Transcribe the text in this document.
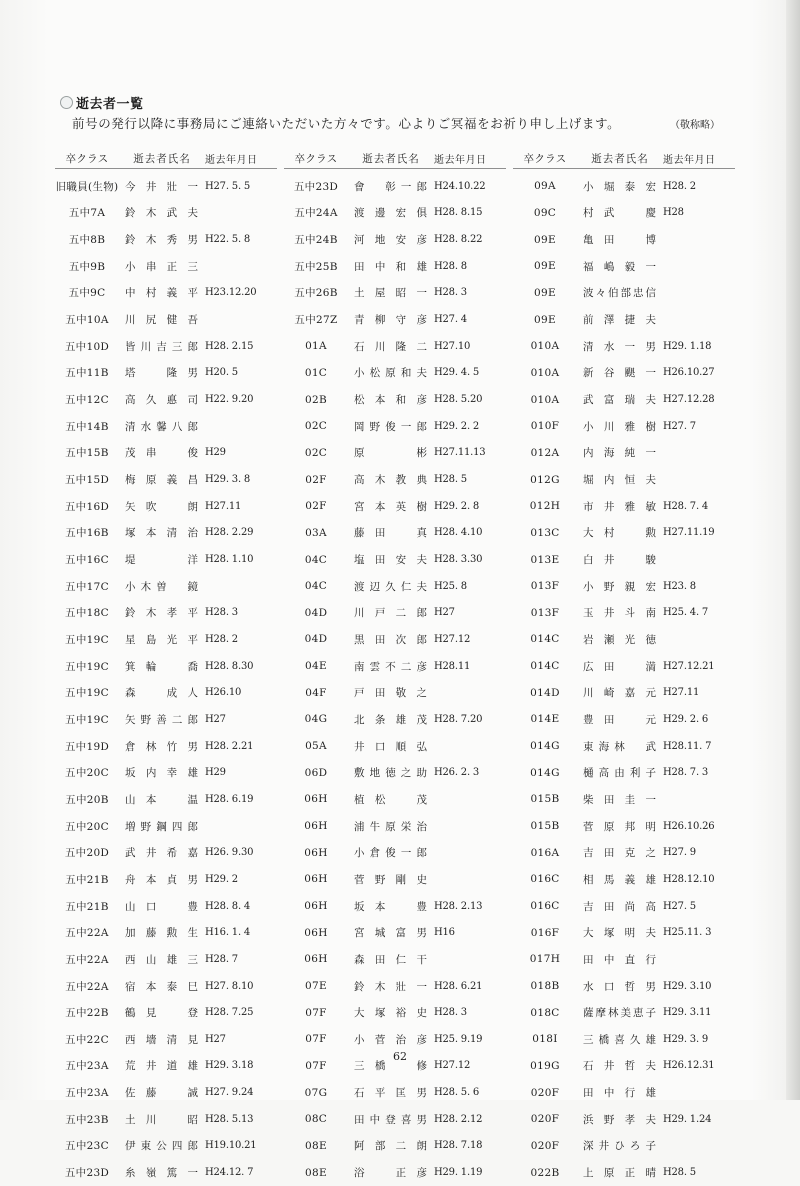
逝去者一覧
前号の発行以降に事務局にご連絡いただいた方々です。心よりご冥福をお祈り申し上げます。	（敬称略）
卒クラス	逝去者氏名	逝去年月日
旧職員(生物) 今井壯一 H27. 5. 5
五中7A	鈴木武夫
五中8B	鈴木秀男 H22. 5. 8
五中9B	小串正三
五中9C	中村義平 H23.12.20
五中10A	川尻健吾
五中10D	皆川吉三郎 H28. 2.15
五中11B	塔　隆男 H20. 5
五中12C	高久悳司 H22. 9.20
五中14B	清水馨八郎
五中15B	茂串　俊 H29
五中15D	梅原義昌 H29. 3. 8
五中16D	矢吹　朗 H27.11
五中16B	塚本清治 H28. 2.29
五中16C	堤　　洋 H28. 1.10
五中17C	小木曽　鏡
五中18C	鈴木孝平 H28. 3
五中19C	星島光平 H28. 2
五中19C	箕輪　喬 H28. 8.30
五中19C	森　成人 H26.10
五中19C	矢野善二郎 H27
五中19D	倉林竹男 H28. 2.21
五中20C	坂内幸雄 H29
五中20B	山本　温 H28. 6.19
五中20C	増野鋼四郎
五中20D	武井希嘉 H26. 9.30
五中21B	舟本貞男 H29. 2
五中21B	山口　豊 H28. 8. 4
五中22A	加藤勲生 H16. 1. 4
五中22A	西山雄三 H28. 7
五中22A	宿本泰巳 H27. 8.10
五中22B	鶴見　登 H28. 7.25
五中22C	西墻清見 H27
五中23A	荒井道雄 H29. 3.18
五中23A	佐藤　誠 H27. 9.24
五中23B	土川　昭 H28. 5.13
五中23C	伊東公四郎 H19.10.21
五中23D	糸嶺篤一 H24.12. 7
卒クラス	逝去者氏名	逝去年月日
五中23D	會　彰一郎 H24.10.22
五中24A	渡邊宏俱 H28. 8.15
五中24B	河地安彦 H28. 8.22
五中25B	田中和雄 H28. 8
五中26B	土屋昭一 H28. 3
五中27Z	青柳守彦 H27. 4
01A	石川隆二 H27.10
01C	小松原和夫 H29. 4. 5
02B	松本和彦 H28. 5.20
02C	岡野俊一郎 H29. 2. 2
02C	原　彬 H27.11.13
02F	高木教典 H28. 5
02F	宮本英樹 H29. 2. 8
03A	藤田　真 H28. 4.10
04C	塩田安夫 H28. 3.30
04C	渡辺久仁夫 H25. 8
04D	川戸二郎 H27
04D	黒田次郎 H27.12
04E	南雲不二彦 H28.11
04F	戸田敬之
04G	北条雄茂 H28. 7.20
05A	井口順弘
06D	敷地徳之助 H26. 2. 3
06H	植松　茂
06H	浦牛原栄治
06H	小倉俊一郎
06H	菅野剛史
06H	坂本　豊 H28. 2.13
06H	宮城富男 H16
06H	森田仁干
07E	鈴木壯一 H28. 6.21
07F	大塚裕史 H28. 3
07F	小菅治彦 H25. 9.19
07F	三橋　修 H27.12
07G	石平匡男 H28. 5. 6
08C	田中登喜男 H28. 2.12
08E	阿部二朗 H28. 7.18
08E	浴　正彦 H29. 1.19
卒クラス	逝去者氏名	逝去年月日
09A	小堀泰宏 H28. 2
09C	村武　慶 H28
09E	亀田　博
09E	福嶋毅一
09E	波々伯部忠信
09E	前澤捷夫
010A	清水一男 H29. 1.18
010A	新谷颶一 H26.10.27
010A	武富瑞夫 H27.12.28
010F	小川雅樹 H27. 7
012A	内海純一
012G	堀内恒夫
012H	市井雅敏 H28. 7. 4
013C	大村　勲 H27.11.19
013E	白井　駿
013F	小野親宏 H23. 8
013F	玉井斗南 H25. 4. 7
014C	岩瀬光徳
014C	広田　満 H27.12.21
014D	川崎嘉元 H27.11
014E	豊田　元 H29. 2. 6
014G	東海林　武 H28.11. 7
014G	樋高由利子 H28. 7. 3
015B	柴田圭一
015B	菅原邦明 H26.10.26
016A	吉田克之 H27. 9
016C	相馬義雄 H28.12.10
016C	吉田尚高 H27. 5
016F	大塚明夫 H25.11. 3
017H	田中直行
018B	水口哲男 H29. 3.10
018C	薩摩林美恵子 H29. 3.11
018I	三橋喜久雄 H29. 3. 9
019G	石井哲夫 H26.12.31
020F	田中行雄
020F	浜野孝夫 H29. 1.24
020F	深井ひろ子
022B	上原正晴 H28. 5
62
